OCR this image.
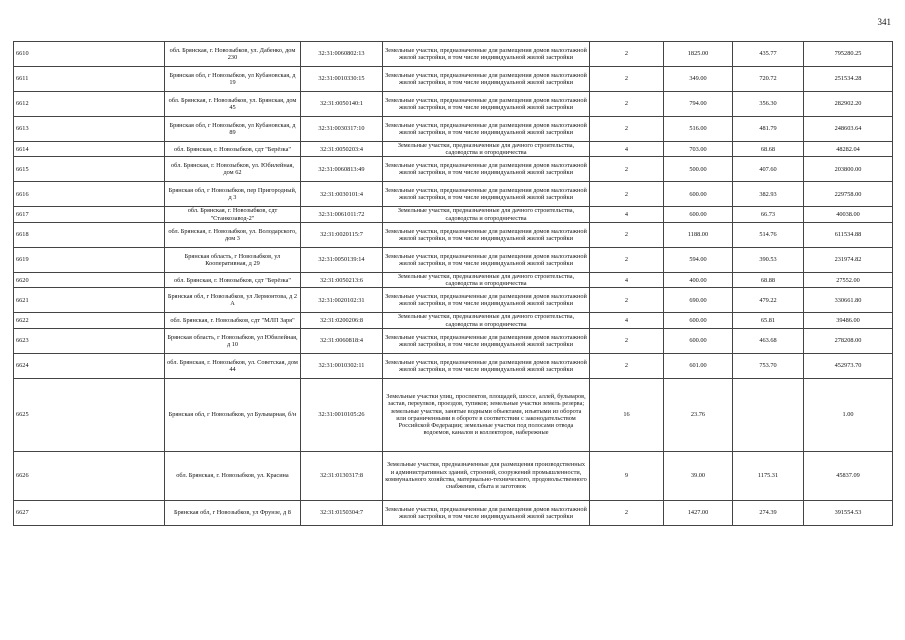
341
6610	обл. Брянская, г. Новозыбков, ул. Дабенко, дом 230	32:31:0060802:13	Земельные участки, предназначенные для размещения домов малоэтажной жилой застройки, в том числе индивидуальной жилой застройки	2	1825.00	435.77	795280.25
6611	Брянская обл, г Новозыбков, ул Кубановская, д 19	32:31:0010330:15	Земельные участки, предназначенные для размещения домов малоэтажной жилой застройки, в том числе индивидуальной жилой застройки	2	349.00	720.72	251534.28
6612	обл. Брянская, г. Новозыбков, ул. Брянская, дом 45	32:31:0050140:1	Земельные участки, предназначенные для размещения домов малоэтажной жилой застройки, в том числе индивидуальной жилой застройки	2	794.00	356.30	282902.20
6613	Брянская обл, г Новозыбков, ул Кубановская, д 89	32:31:0030317:10	Земельные участки, предназначенные для размещения домов малоэтажной жилой застройки, в том числе индивидуальной жилой застройки	2	516.00	481.79	248603.64
6614	обл. Брянская, г. Новозыбков, сдт "Берёзка"	32:31:0050203:4	Земельные участки, предназначенные для дачного строительства, садоводства и огородничества	4	703.00	68.68	48282.04
6615	обл. Брянская, г. Новозыбков, ул. Юбилейная, дом 62	32:31:0060813:49	Земельные участки, предназначенные для размещения домов малоэтажной жилой застройки, в том числе индивидуальной жилой застройки	2	500.00	407.60	203800.00
6616	Брянская обл, г Новозыбков, пер Пригородный, д 3	32:31:0030101:4	Земельные участки, предназначенные для размещения домов малоэтажной жилой застройки, в том числе индивидуальной жилой застройки	2	600.00	382.93	229758.00
6617	обл. Брянская, г. Новозыбков, сдт "Станкозавод-2"	32:31:0061011:72	Земельные участки, предназначенные для дачного строительства, садоводства и огородничества	4	600.00	66.73	40038.00
6618	обл. Брянская, г. Новозыбков, ул. Володарского, дом 3	32:31:0020115:7	Земельные участки, предназначенные для размещения домов малоэтажной жилой застройки, в том числе индивидуальной жилой застройки	2	1188.00	514.76	611534.88
6619	Брянская область, г Новозыбков, ул Кооперативная, д 29	32:31:0050139:14	Земельные участки, предназначенные для размещения домов малоэтажной жилой застройки, в том числе индивидуальной жилой застройки	2	594.00	390.53	231974.82
6620	обл. Брянская, г. Новозыбков, сдт "Берёзка"	32:31:0050213:6	Земельные участки, предназначенные для дачного строительства, садоводства и огородничества	4	400.00	68.88	27552.00
6621	Брянская обл, г Новозыбков, ул Лермонтова, д 2 А	32:31:0020102:31	Земельные участки, предназначенные для размещения домов малоэтажной жилой застройки, в том числе индивидуальной жилой застройки	2	690.00	479.22	330661.80
6622	обл. Брянская, г. Новозыбков, сдт "МЛП Заря"	32:31:0200206:8	Земельные участки, предназначенные для дачного строительства, садоводства и огородничества	4	600.00	65.81	39486.00
6623	Брянская область, г Новозыбков, ул Юбилейная, д 10	32:31:0060818:4	Земельные участки, предназначенные для размещения домов малоэтажной жилой застройки, в том числе индивидуальной жилой застройки	2	600.00	463.68	278208.00
6624	обл. Брянская, г. Новозыбков, ул. Советская, дом 44	32:31:0010302:11	Земельные участки, предназначенные для размещения домов малоэтажной жилой застройки, в том числе индивидуальной жилой застройки	2	601.00	753.70	452973.70
6625	Брянская обл, г Новозыбков, ул Бульварная, б/н	32:31:0010105:26	Земельные участки улиц, проспектов, площадей, шоссе, аллей, бульваров, застав, переулков, проездов, тупиков; земельные участки земель резерва; земельные участки, занятые водными объектами, изъятыми из оборота или ограниченными в обороте в соответствии с законодательством Российской Федерации; земельные участки под полосами отвода водоемов, каналов и коллекторов, набережные	16	23.76		1.00
6626	обл. Брянская, г. Новозыбков, ул. Красина	32:31:0130317:8	Земельные участки, предназначенные для размещения производственных и административных зданий, строений, сооружений промышленности, коммунального хозяйства, материально-технического, продовольственного снабжения, сбыта и заготовок	9	39.00	1175.31	45837.09
6627	Брянская обл, г Новозыбков, ул Фрунзе, д 8	32:31:0150304:7	Земельные участки, предназначенные для размещения домов малоэтажной жилой застройки, в том числе индивидуальной жилой застройки	2	1427.00	274.39	391554.53
